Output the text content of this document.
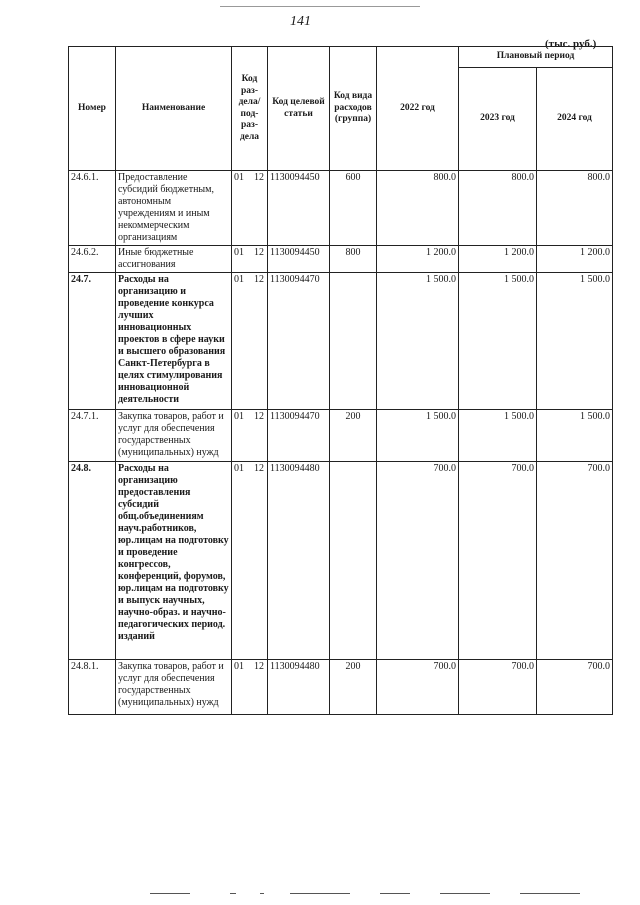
141
(тыс. руб.)
Номер	Наименование	Код раз-дела/ под-раз-дела	Код целевой статьи	Код вида расходов (группа)	2022 год	Плановый период	
						2023 год	2024 год
24.6.1.	Предоставление субсидий бюджетным, автономным учреждениям и иным некоммерческим организациям	01 12	1130094450	600	800.0	800.0	800.0
24.6.2.	Иные бюджетные ассигнования	01 12	1130094450	800	1 200.0	1 200.0	1 200.0
24.7.	Расходы на организацию и проведение конкурса лучших инновационных проектов в сфере науки и высшего образования Санкт-Петербурга в целях стимулирования инновационной деятельности	01 12	1130094470		1 500.0	1 500.0	1 500.0
24.7.1.	Закупка товаров, работ и услуг для обеспечения государственных (муниципальных) нужд	01 12	1130094470	200	1 500.0	1 500.0	1 500.0
24.8.	Расходы на организацию предоставления субсидий общ.объединениям науч.работников, юр.лицам на подготовку и проведение конгрессов, конференций, форумов, юр.лицам на подготовку и выпуск научных, научно-образ. и научно-педагогических период. изданий	01 12	1130094480		700.0	700.0	700.0
24.8.1.	Закупка товаров, работ и услуг для обеспечения государственных (муниципальных) нужд	01 12	1130094480	200	700.0	700.0	700.0
